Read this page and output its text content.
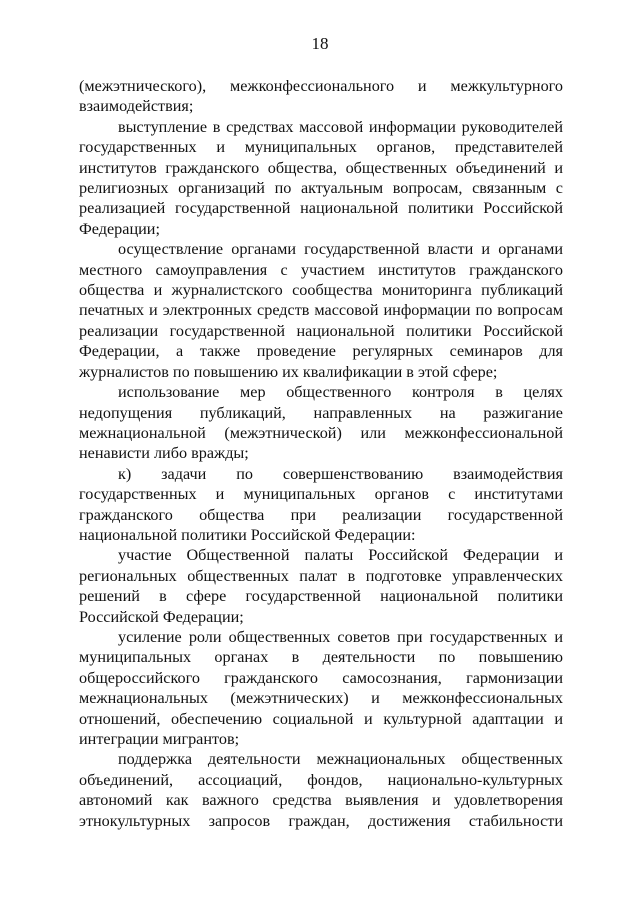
18

(межэтнического), межконфессионального и межкультурного взаимодействия;

выступление в средствах массовой информации руководителей государственных и муниципальных органов, представителей институтов гражданского общества, общественных объединений и религиозных организаций по актуальным вопросам, связанным с реализацией государственной национальной политики Российской Федерации;

осуществление органами государственной власти и органами местного самоуправления с участием институтов гражданского общества и журналистского сообщества мониторинга публикаций печатных и электронных средств массовой информации по вопросам реализации государственной национальной политики Российской Федерации, а также проведение регулярных семинаров для журналистов по повышению их квалификации в этой сфере;

использование мер общественного контроля в целях недопущения публикаций, направленных на разжигание межнациональной (межэтнической) или межконфессиональной ненависти либо вражды;

к) задачи по совершенствованию взаимодействия государственных и муниципальных органов с институтами гражданского общества при реализации государственной национальной политики Российской Федерации:

участие Общественной палаты Российской Федерации и региональных общественных палат в подготовке управленческих решений в сфере государственной национальной политики Российской Федерации;

усиление роли общественных советов при государственных и муниципальных органах в деятельности по повышению общероссийского гражданского самосознания, гармонизации межнациональных (межэтнических) и межконфессиональных отношений, обеспечению социальной и культурной адаптации и интеграции мигрантов;

поддержка деятельности межнациональных общественных объединений, ассоциаций, фондов, национально-культурных автономий как важного средства выявления и удовлетворения этнокультурных запросов граждан, достижения стабильности
